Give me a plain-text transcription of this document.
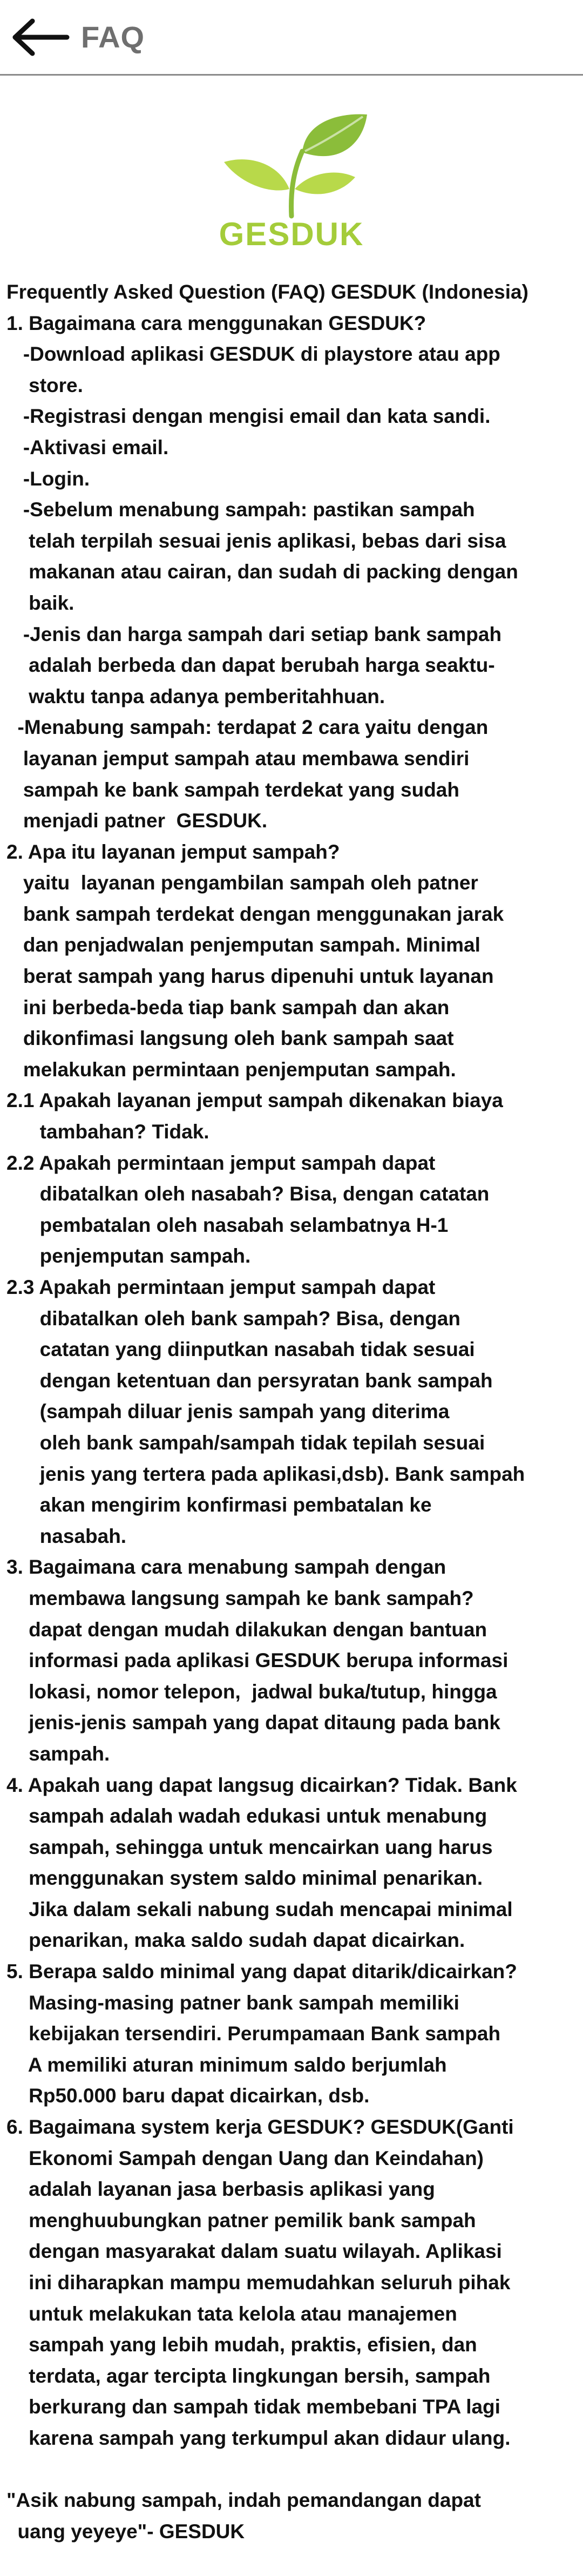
FAQ
GESDUK
Frequently Asked Question (FAQ) GESDUK (Indonesia)
1. Bagaimana cara menggunakan GESDUK?
-Download aplikasi GESDUK di playstore atau app
store.
-Registrasi dengan mengisi email dan kata sandi.
-Aktivasi email.
-Login.
-Sebelum menabung sampah: pastikan sampah
telah terpilah sesuai jenis aplikasi, bebas dari sisa
makanan atau cairan, dan sudah di packing dengan
baik.
-Jenis dan harga sampah dari setiap bank sampah
adalah berbeda dan dapat berubah harga seaktu-
waktu tanpa adanya pemberitahhuan.
-Menabung sampah: terdapat 2 cara yaitu dengan
layanan jemput sampah atau membawa sendiri
sampah ke bank sampah terdekat yang sudah
menjadi patner  GESDUK.
2. Apa itu layanan jemput sampah?
yaitu  layanan pengambilan sampah oleh patner
bank sampah terdekat dengan menggunakan jarak
dan penjadwalan penjemputan sampah. Minimal
berat sampah yang harus dipenuhi untuk layanan
ini berbeda-beda tiap bank sampah dan akan
dikonfimasi langsung oleh bank sampah saat
melakukan permintaan penjemputan sampah.
2.1 Apakah layanan jemput sampah dikenakan biaya
tambahan? Tidak.
2.2 Apakah permintaan jemput sampah dapat
dibatalkan oleh nasabah? Bisa, dengan catatan
pembatalan oleh nasabah selambatnya H-1
penjemputan sampah.
2.3 Apakah permintaan jemput sampah dapat
dibatalkan oleh bank sampah? Bisa, dengan
catatan yang diinputkan nasabah tidak sesuai
dengan ketentuan dan persyratan bank sampah
(sampah diluar jenis sampah yang diterima
oleh bank sampah/sampah tidak tepilah sesuai
jenis yang tertera pada aplikasi,dsb). Bank sampah
akan mengirim konfirmasi pembatalan ke
nasabah.
3. Bagaimana cara menabung sampah dengan
membawa langsung sampah ke bank sampah?
dapat dengan mudah dilakukan dengan bantuan
informasi pada aplikasi GESDUK berupa informasi
lokasi, nomor telepon,  jadwal buka/tutup, hingga
jenis-jenis sampah yang dapat ditaung pada bank
sampah.
4. Apakah uang dapat langsug dicairkan? Tidak. Bank
sampah adalah wadah edukasi untuk menabung
sampah, sehingga untuk mencairkan uang harus
menggunakan system saldo minimal penarikan.
Jika dalam sekali nabung sudah mencapai minimal
penarikan, maka saldo sudah dapat dicairkan.
5. Berapa saldo minimal yang dapat ditarik/dicairkan?
Masing-masing patner bank sampah memiliki
kebijakan tersendiri. Perumpamaan Bank sampah
A memiliki aturan minimum saldo berjumlah
Rp50.000 baru dapat dicairkan, dsb.
6. Bagaimana system kerja GESDUK? GESDUK(Ganti
Ekonomi Sampah dengan Uang dan Keindahan)
adalah layanan jasa berbasis aplikasi yang
menghuubungkan patner pemilik bank sampah
dengan masyarakat dalam suatu wilayah. Aplikasi
ini diharapkan mampu memudahkan seluruh pihak
untuk melakukan tata kelola atau manajemen
sampah yang lebih mudah, praktis, efisien, dan
terdata, agar tercipta lingkungan bersih, sampah
berkurang dan sampah tidak membebani TPA lagi
karena sampah yang terkumpul akan didaur ulang.
"Asik nabung sampah, indah pemandangan dapat
uang yeyeye"- GESDUK
